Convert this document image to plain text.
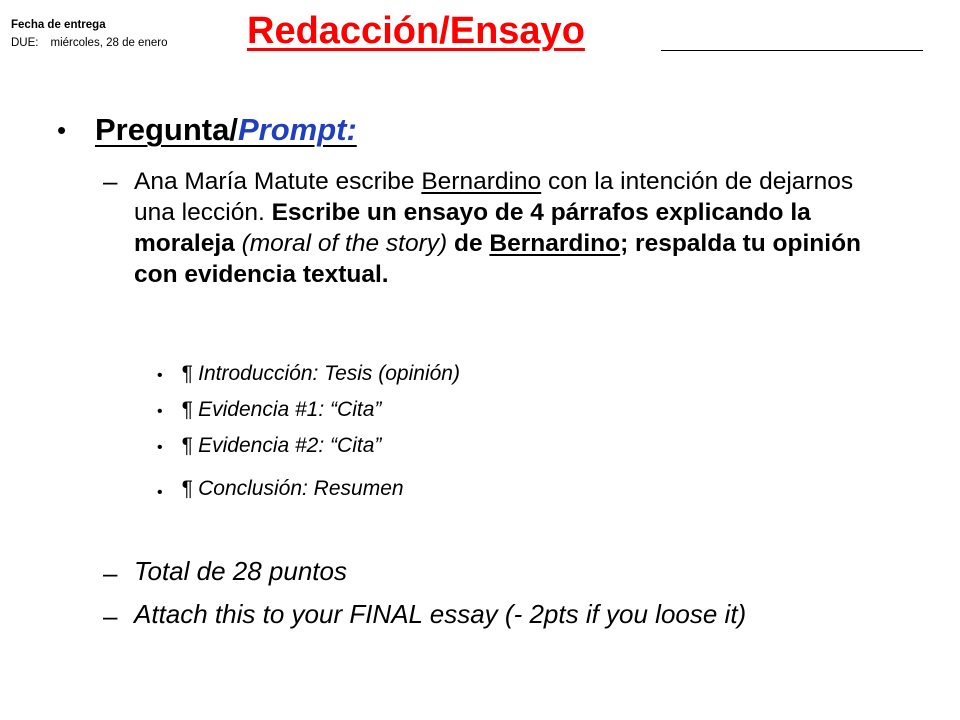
Fecha de entrega
DUE: miércoles, 28 de enero Redacción/Ensayo
• Pregunta/Prompt:
– Ana María Matute escribe Bernardino con la intención de dejarnos una lección. Escribe un ensayo de 4 párrafos explicando la moraleja (moral of the story) de Bernardino; respalda tu opinión con evidencia textual.
• ¶ Introducción: Tesis (opinión)
• ¶ Evidencia #1: “Cita”
• ¶ Evidencia #2: “Cita”
• ¶ Conclusión: Resumen
– Total de 28 puntos
– Attach this to your FINAL essay (- 2pts if you loose it)
